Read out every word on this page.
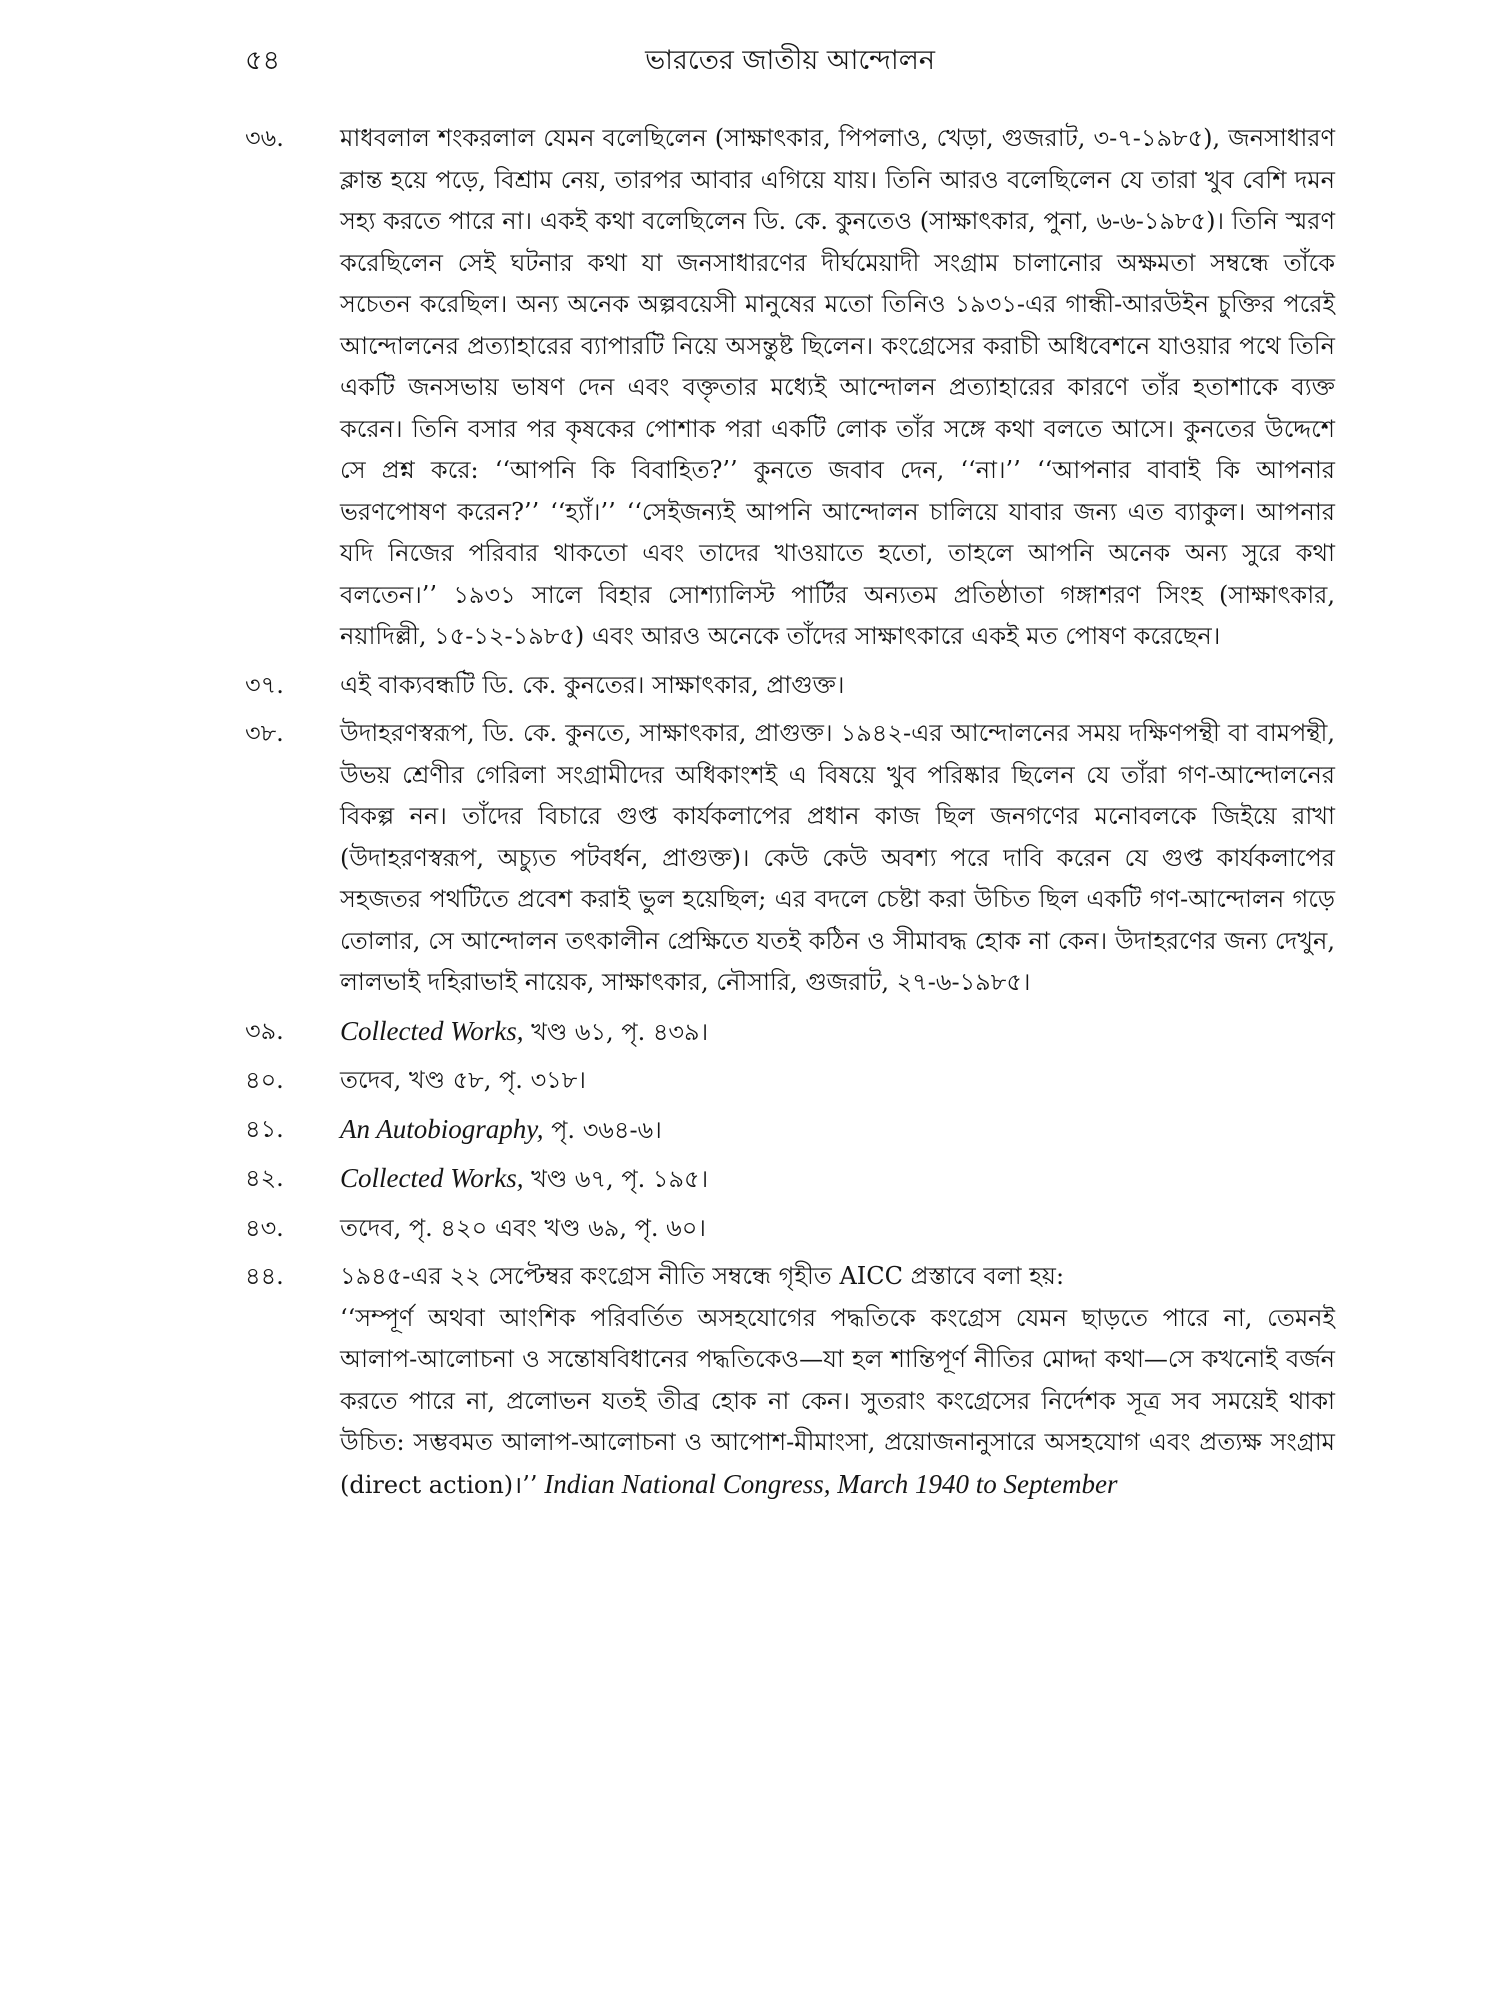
৫৪	ভারতের জাতীয় আন্দোলন
৩৬. মাধবলাল শংকরলাল যেমন বলেছিলেন (সাক্ষাৎকার, পিপলাও, খেড়া, গুজরাট, ৩-৭-১৯৮৫), জনসাধারণ ক্লান্ত হয়ে পড়ে, বিশ্রাম নেয়, তারপর আবার এগিয়ে যায়। তিনি আরও বলেছিলেন যে তারা খুব বেশি দমন সহ্য করতে পারে না। একই কথা বলেছিলেন ডি. কে. কুনতেও (সাক্ষাৎকার, পুনা, ৬-৬-১৯৮৫)। তিনি স্মরণ করেছিলেন সেই ঘটনার কথা যা জনসাধারণের দীর্ঘমেয়াদী সংগ্রাম চালানোর অক্ষমতা সম্বন্ধে তাঁকে সচেতন করেছিল। অন্য অনেক অল্পবয়েসী মানুষের মতো তিনিও ১৯৩১-এর গান্ধী-আরউইন চুক্তির পরেই আন্দোলনের প্রত্যাহারের ব্যাপারটি নিয়ে অসন্তুষ্ট ছিলেন। কংগ্রেসের করাচী অধিবেশনে যাওয়ার পথে তিনি একটি জনসভায় ভাষণ দেন এবং বক্তৃতার মধ্যেই আন্দোলন প্রত্যাহারের কারণে তাঁর হতাশাকে ব্যক্ত করেন। তিনি বসার পর কৃষকের পোশাক পরা একটি লোক তাঁর সঙ্গে কথা বলতে আসে। কুনতের উদ্দেশে সে প্রশ্ন করে: ‘‘আপনি কি বিবাহিত?’’ কুনতে জবাব দেন, ‘‘না।’’ ‘‘আপনার বাবাই কি আপনার ভরণপোষণ করেন?’’ ‘‘হ্যাঁ।’’ ‘‘সেইজন্যই আপনি আন্দোলন চালিয়ে যাবার জন্য এত ব্যাকুল। আপনার যদি নিজের পরিবার থাকতো এবং তাদের খাওয়াতে হতো, তাহলে আপনি অনেক অন্য সুরে কথা বলতেন।’’ ১৯৩১ সালে বিহার সোশ্যালিস্ট পার্টির অন্যতম প্রতিষ্ঠাতা গঙ্গাশরণ সিংহ (সাক্ষাৎকার, নয়াদিল্লী, ১৫-১২-১৯৮৫) এবং আরও অনেকে তাঁদের সাক্ষাৎকারে একই মত পোষণ করেছেন।

৩৭. এই বাক্যবন্ধটি ডি. কে. কুনতের। সাক্ষাৎকার, প্রাগুক্ত।

৩৮. উদাহরণস্বরূপ, ডি. কে. কুনতে, সাক্ষাৎকার, প্রাগুক্ত। ১৯৪২-এর আন্দোলনের সময় দক্ষিণপন্থী বা বামপন্থী, উভয় শ্রেণীর গেরিলা সংগ্রামীদের অধিকাংশই এ বিষয়ে খুব পরিষ্কার ছিলেন যে তাঁরা গণ-আন্দোলনের বিকল্প নন। তাঁদের বিচারে গুপ্ত কার্যকলাপের প্রধান কাজ ছিল জনগণের মনোবলকে জিইয়ে রাখা (উদাহরণস্বরূপ, অচ্যুত পটবর্ধন, প্রাগুক্ত)। কেউ কেউ অবশ্য পরে দাবি করেন যে গুপ্ত কার্যকলাপের সহজতর পথটিতে প্রবেশ করাই ভুল হয়েছিল; এর বদলে চেষ্টা করা উচিত ছিল একটি গণ-আন্দোলন গড়ে তোলার, সে আন্দোলন তৎকালীন প্রেক্ষিতে যতই কঠিন ও সীমাবদ্ধ হোক না কেন। উদাহরণের জন্য দেখুন, লালভাই দহিরাভাই নায়েক, সাক্ষাৎকার, নৌসারি, গুজরাট, ২৭-৬-১৯৮৫।

৩৯. Collected Works, খণ্ড ৬১, পৃ. ৪৩৯।

৪০. তদেব, খণ্ড ৫৮, পৃ. ৩১৮।

৪১. An Autobiography, পৃ. ৩৬৪-৬।

৪২. Collected Works, খণ্ড ৬৭, পৃ. ১৯৫।

৪৩. তদেব, পৃ. ৪২০ এবং খণ্ড ৬৯, পৃ. ৬০।

৪৪. ১৯৪৫-এর ২২ সেপ্টেম্বর কংগ্রেস নীতি সম্বন্ধে গৃহীত AICC প্রস্তাবে বলা হয়:

‘‘সম্পূর্ণ অথবা আংশিক পরিবর্তিত অসহযোগের পদ্ধতিকে কংগ্রেস যেমন ছাড়তে পারে না, তেমনই আলাপ-আলোচনা ও সন্তোষবিধানের পদ্ধতিকেও—যা হল শান্তিপূর্ণ নীতির মোদ্দা কথা—সে কখনোই বর্জন করতে পারে না, প্রলোভন যতই তীব্র হোক না কেন। সুতরাং কংগ্রেসের নির্দেশক সূত্র সব সময়েই থাকা উচিত: সম্ভবমত আলাপ-আলোচনা ও আপোশ-মীমাংসা, প্রয়োজনানুসারে অসহযোগ এবং প্রত্যক্ষ সংগ্রাম (direct action)।’’ Indian National Congress, March 1940 to September
